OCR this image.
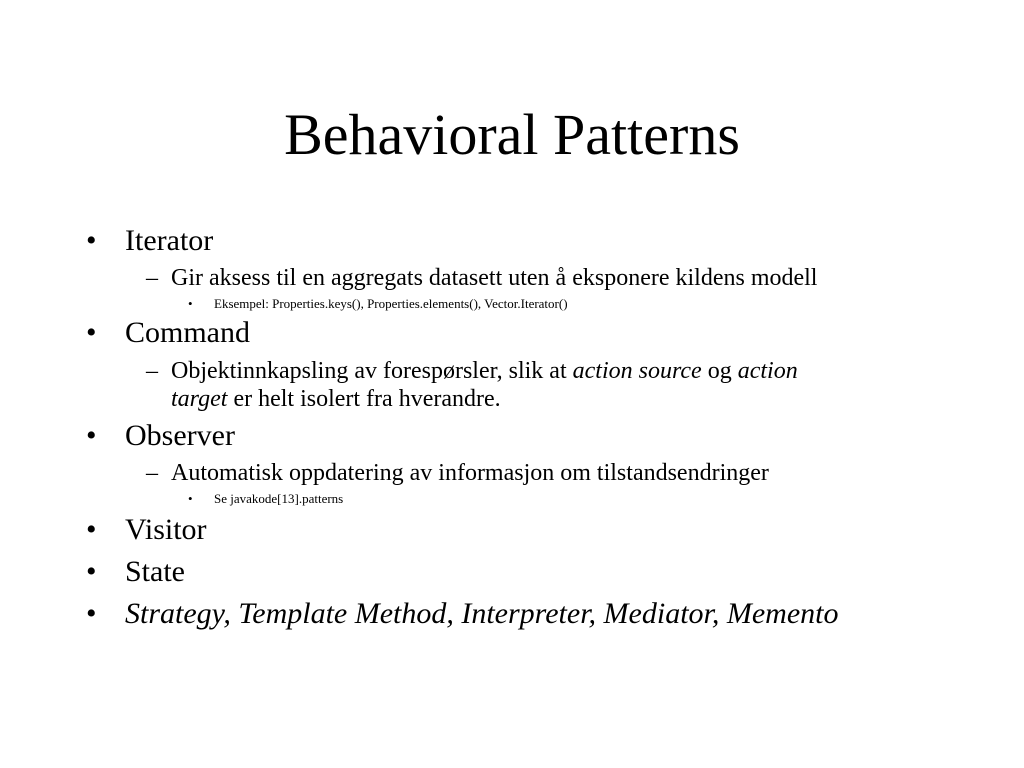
Behavioral Patterns
• Iterator
– Gir aksess til en aggregats datasett uten å eksponere kildens modell
• Eksempel: Properties.keys(), Properties.elements(), Vector.Iterator()
• Command
– Objektinnkapsling av forespørsler, slik at action source og action
target er helt isolert fra hverandre.
• Observer
– Automatisk oppdatering av informasjon om tilstandsendringer
• Se javakode[13].patterns
• Visitor
• State
• Strategy, Template Method, Interpreter, Mediator, Memento
